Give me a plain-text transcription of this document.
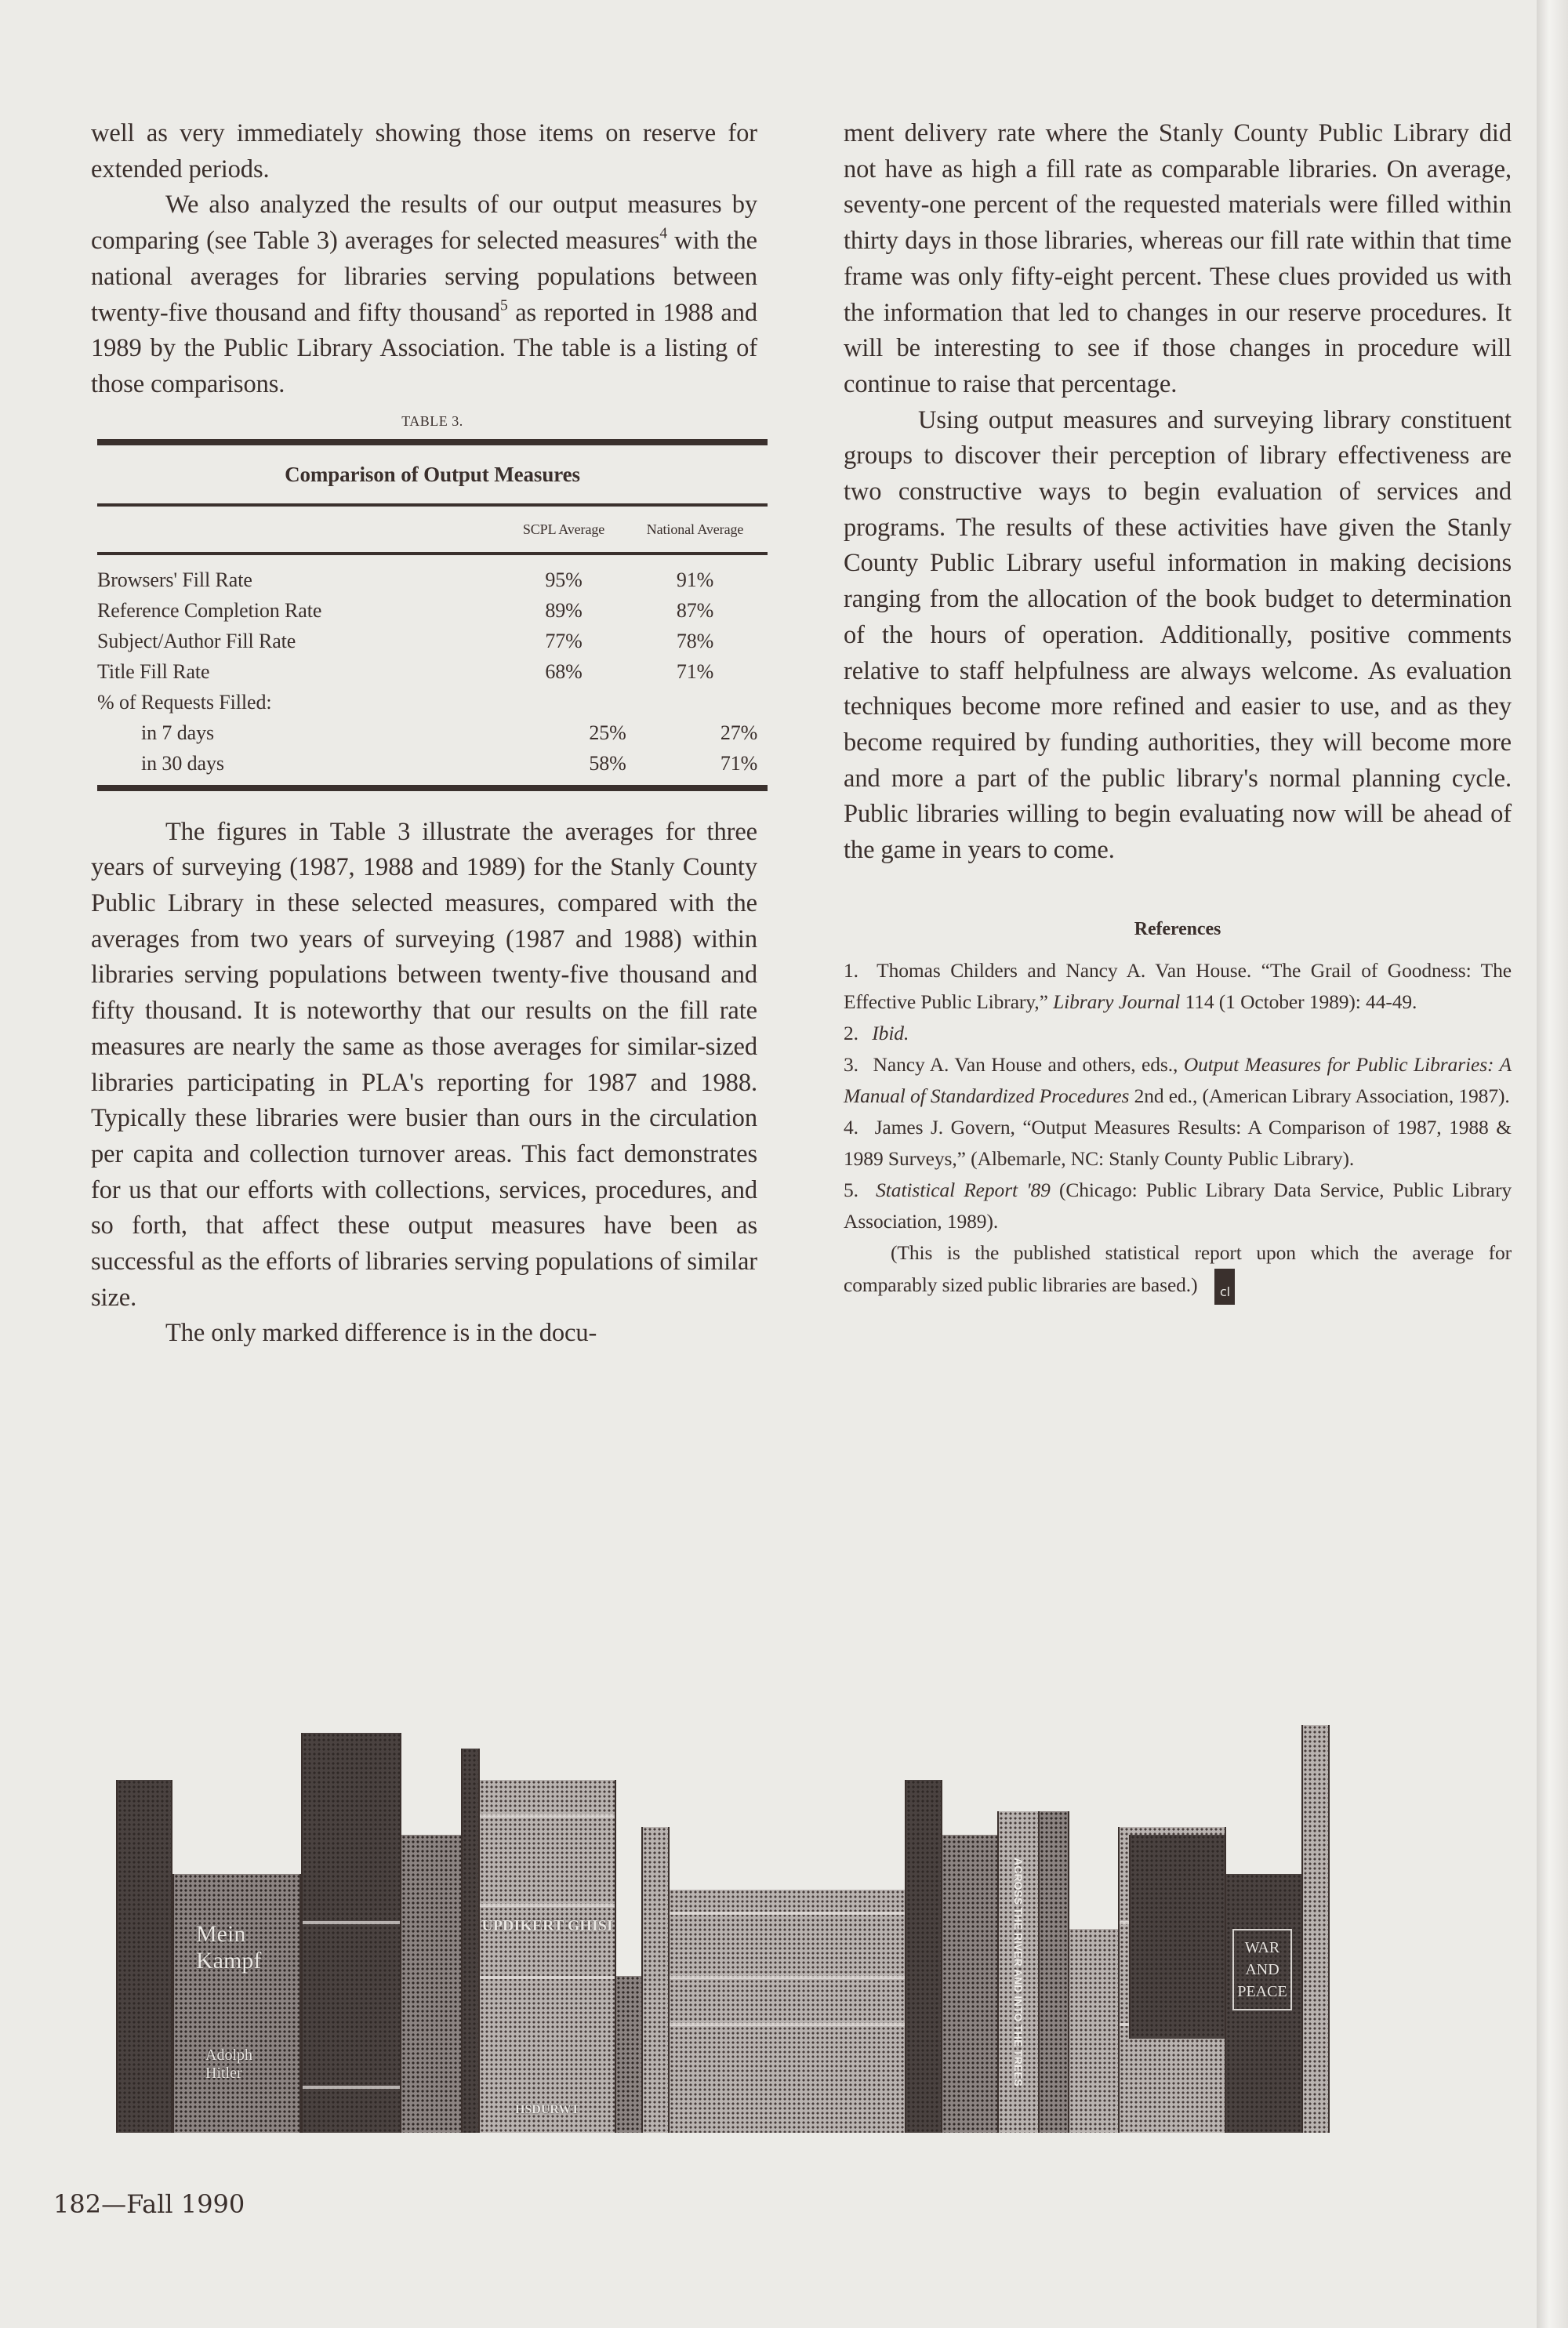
well as very immediately showing those items on reserve for extended periods.

We also analyzed the results of our output measures by comparing (see Table 3) averages for selected measures$^4$ with the national averages for libraries serving populations between twenty-five thousand and fifty thousand$^5$ as reported in 1988 and 1989 by the Public Library Association. The table is a listing of those comparisons.

TABLE 3.
Comparison of Output Measures
SCPL Average	National Average
Browsers' Fill Rate	95%	91%
Reference Completion Rate	89%	87%
Subject/Author Fill Rate	77%	78%
Title Fill Rate	68%	71%
% of Requests Filled:
in 7 days	25%	27%
in 30 days	58%	71%

The figures in Table 3 illustrate the averages for three years of surveying (1987, 1988 and 1989) for the Stanly County Public Library in these selected measures, compared with the averages from two years of surveying (1987 and 1988) within libraries serving populations between twenty-five thousand and fifty thousand. It is noteworthy that our results on the fill rate measures are nearly the same as those averages for similar-sized libraries participating in PLA's reporting for 1987 and 1988. Typically these libraries were busier than ours in the circulation per capita and collection turnover areas. This fact demonstrates for us that our efforts with collections, services, procedures, and so forth, that affect these output measures have been as successful as the efforts of libraries serving populations of similar size.

The only marked difference is in the docu-

ment delivery rate where the Stanly County Public Library did not have as high a fill rate as comparable libraries. On average, seventy-one percent of the requested materials were filled within thirty days in those libraries, whereas our fill rate within that time frame was only fifty-eight percent. These clues provided us with the information that led to changes in our reserve procedures. It will be interesting to see if those changes in procedure will continue to raise that percentage.

Using output measures and surveying library constituent groups to discover their perception of library effectiveness are two constructive ways to begin evaluation of services and programs. The results of these activities have given the Stanly County Public Library useful information in making decisions ranging from the allocation of the book budget to determination of the hours of operation. Additionally, positive comments relative to staff helpfulness are always welcome. As evaluation techniques become more refined and easier to use, and as they become required by funding authorities, they will become more and more a part of the public library's normal planning cycle. Public libraries willing to begin evaluating now will be ahead of the game in years to come.

References

1. Thomas Childers and Nancy A. Van House. “The Grail of Goodness: The Effective Public Library,” Library Journal 114 (1 October 1989): 44-49.

2. Ibid.

3. Nancy A. Van House and others, eds., Output Measures for Public Libraries: A Manual of Standardized Procedures 2nd ed., (American Library Association, 1987).

4. James J. Govern, “Output Measures Results: A Comparison of 1987, 1988 & 1989 Surveys,” (Albemarle, NC: Stanly County Public Library).

5. Statistical Report '89 (Chicago: Public Library Data Service, Public Library Association, 1989).

(This is the published statistical report upon which the average for comparably sized public libraries are based.)	nl
cl

Mein Kampf
Adolph Hitler
UPDIKERT GHISI
HSDURWT
ACROSS THE RIVER AND INTO THE TREES	WAR AND PEACE
182—Fall 1990
